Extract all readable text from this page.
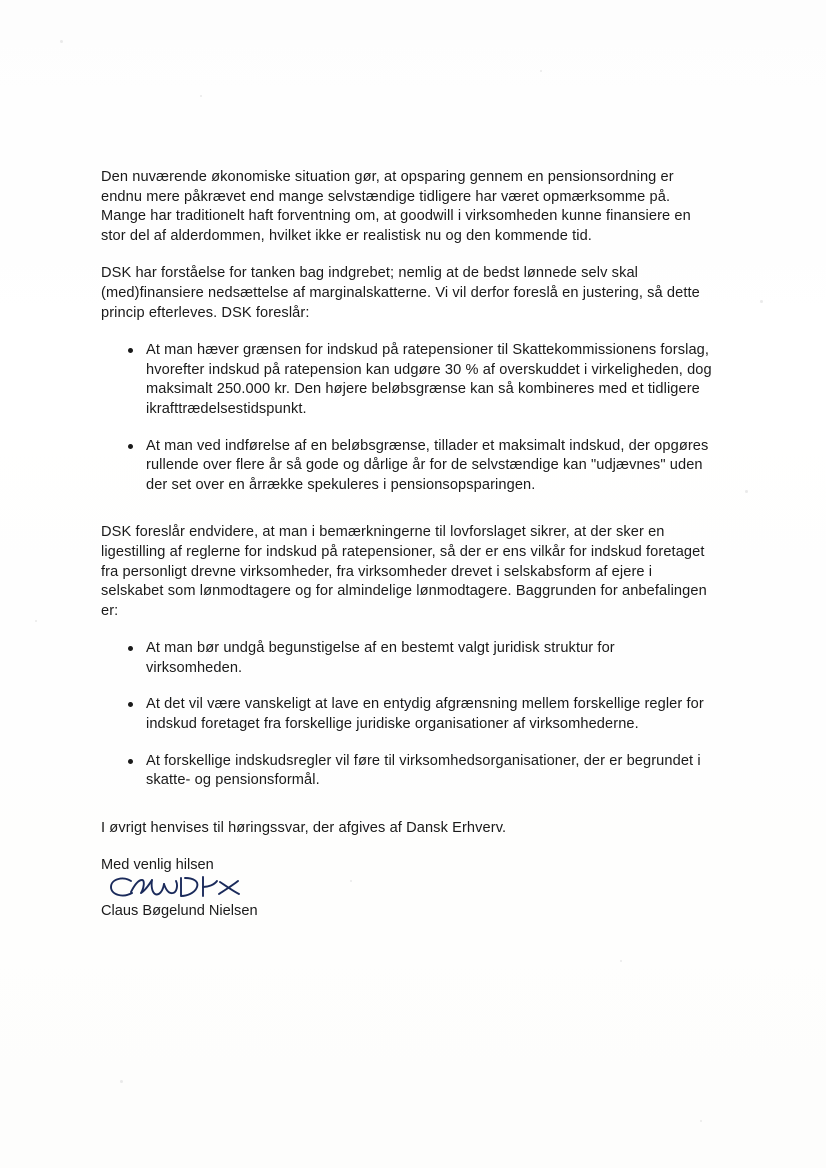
Den nuværende økonomiske situation gør, at opsparing gennem en pensionsordning er endnu mere påkrævet end mange selvstændige tidligere har været opmærksomme på. Mange har traditionelt haft forventning om, at goodwill i virksomheden kunne finansiere en stor del af alderdommen, hvilket ikke er realistisk nu og den kommende tid.

DSK har forståelse for tanken bag indgrebet; nemlig at de bedst lønnede selv skal (med)finansiere nedsættelse af marginalskatterne. Vi vil derfor foreslå en justering, så dette princip efterleves. DSK foreslår:

At man hæver grænsen for indskud på ratepensioner til Skattekommissionens forslag, hvorefter indskud på ratepension kan udgøre 30 % af overskuddet i virkeligheden, dog maksimalt 250.000 kr. Den højere beløbsgrænse kan så kombineres med et tidligere ikrafttrædelsestidspunkt.
At man ved indførelse af en beløbsgrænse, tillader et maksimalt indskud, der opgøres rullende over flere år så gode og dårlige år for de selvstændige kan "udjævnes" uden der set over en årrække spekuleres i pensionsopsparingen.

DSK foreslår endvidere, at man i bemærkningerne til lovforslaget sikrer, at der sker en ligestilling af reglerne for indskud på ratepensioner, så der er ens vilkår for indskud foretaget fra personligt drevne virksomheder, fra virksomheder drevet i selskabsform af ejere i selskabet som lønmodtagere og for almindelige lønmodtagere. Baggrunden for anbefalingen er:

At man bør undgå begunstigelse af en bestemt valgt juridisk struktur for virksomheden.
At det vil være vanskeligt at lave en entydig afgrænsning mellem forskellige regler for indskud foretaget fra forskellige juridiske organisationer af virksomhederne.
At forskellige indskudsregler vil føre til virksomhedsorganisationer, der er begrundet i skatte- og pensionsformål.

I øvrigt henvises til høringssvar, der afgives af Dansk Erhverv.

Med venlig hilsen

Claus Bøgelund Nielsen
